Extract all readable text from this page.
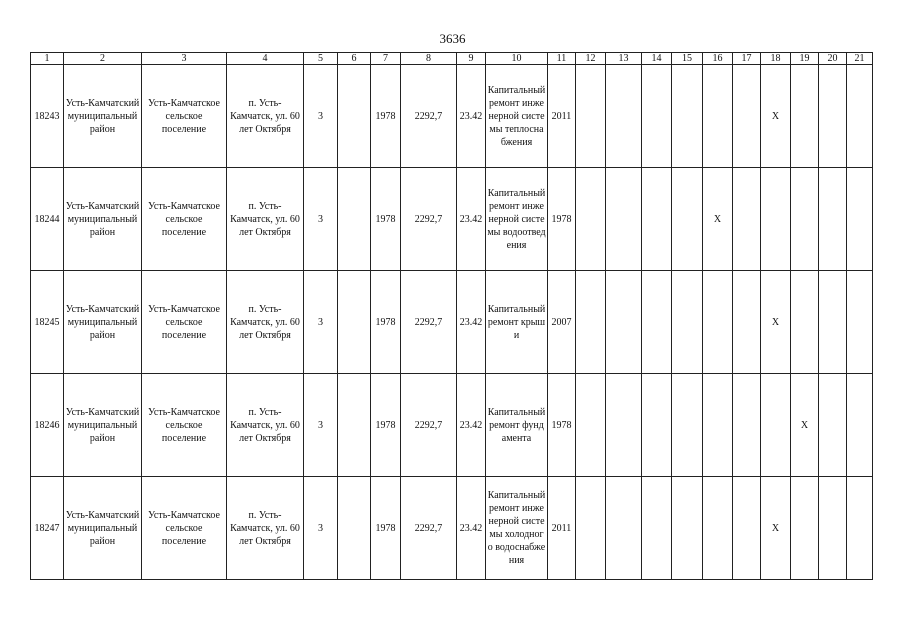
3636
1	2	3	4	5	6	7	8	9	10	11	12	13	14	15	16	17	18	19	20	21
18243	Усть-Камчатский муниципальный район	Усть-Камчатское сельское поселение	п. Усть-Камчатск, ул. 60 лет Октября	3		1978	2292,7	23.42	Капитальный ремонт инженерной системы теплоснабжения	2011							X			
18244	Усть-Камчатский муниципальный район	Усть-Камчатское сельское поселение	п. Усть-Камчатск, ул. 60 лет Октября	3		1978	2292,7	23.42	Капитальный ремонт инженерной системы водоотведения	1978					X					
18245	Усть-Камчатский муниципальный район	Усть-Камчатское сельское поселение	п. Усть-Камчатск, ул. 60 лет Октября	3		1978	2292,7	23.42	Капитальный ремонт крыши	2007							X			
18246	Усть-Камчатский муниципальный район	Усть-Камчатское сельское поселение	п. Усть-Камчатск, ул. 60 лет Октября	3		1978	2292,7	23.42	Капитальный ремонт фундамента	1978								X		
18247	Усть-Камчатский муниципальный район	Усть-Камчатское сельское поселение	п. Усть-Камчатск, ул. 60 лет Октября	3		1978	2292,7	23.42	Капитальный ремонт инженерной системы холодного водоснабжения	2011							X			
